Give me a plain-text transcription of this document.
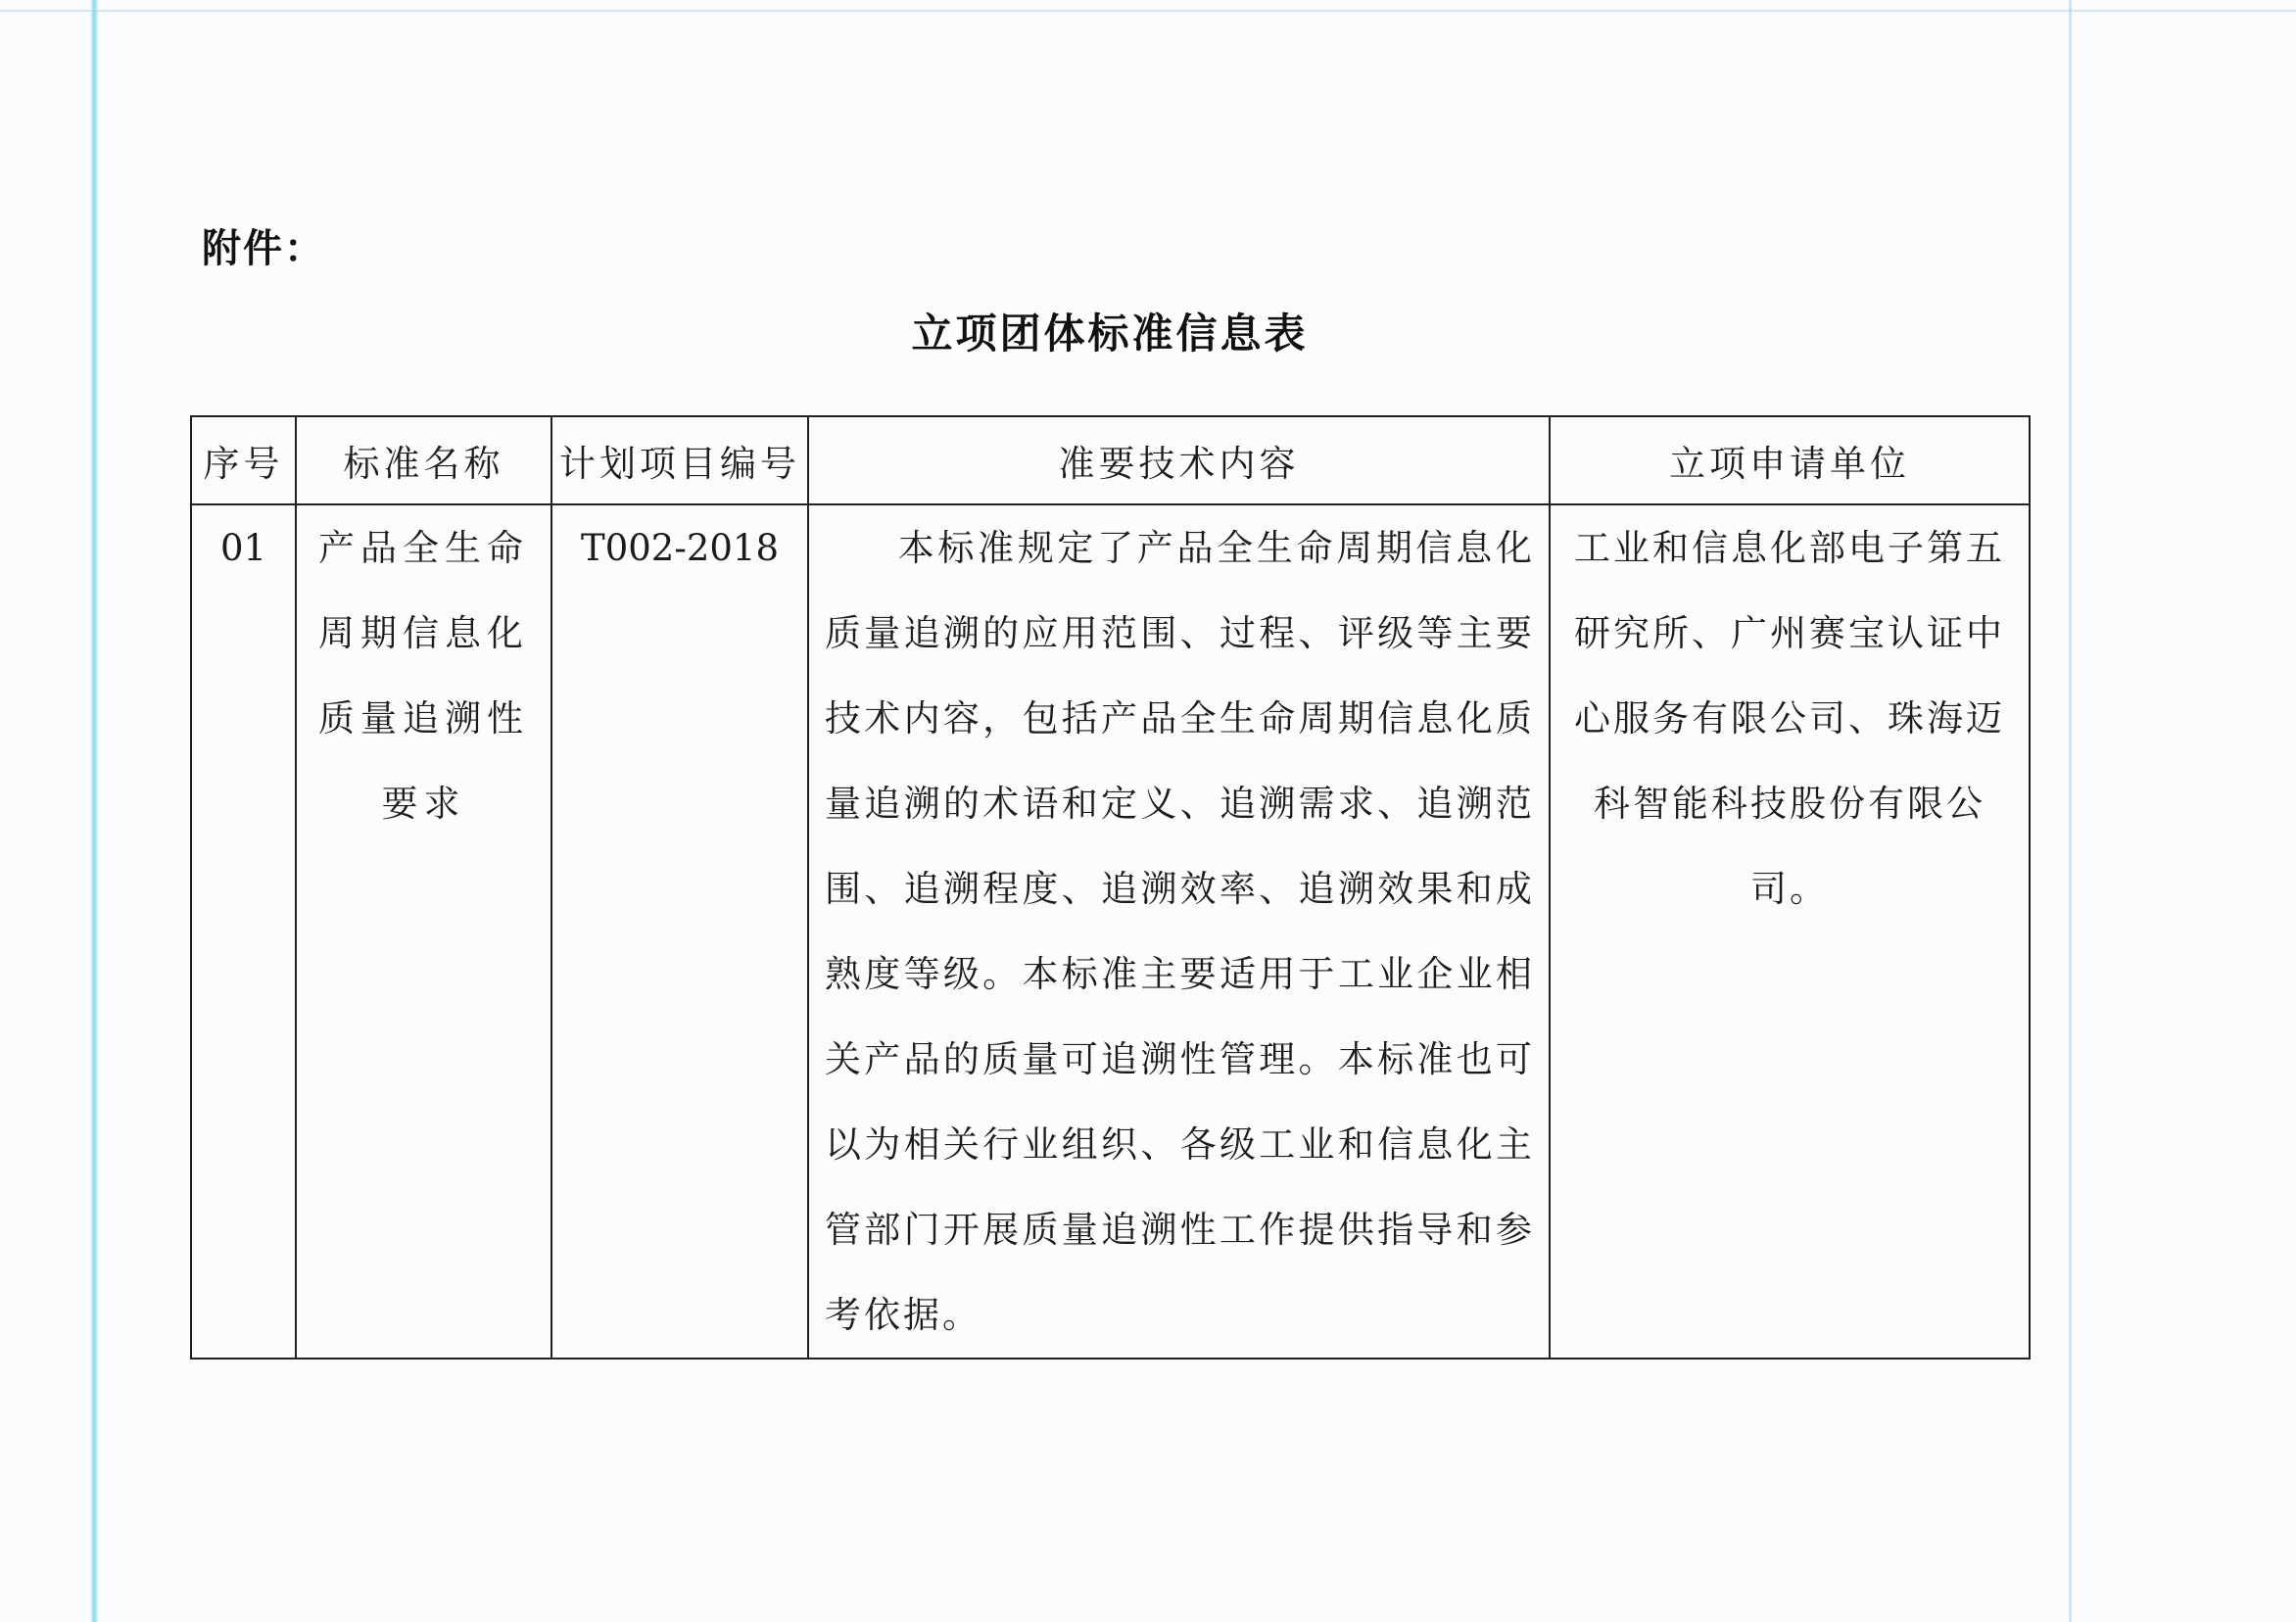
附件：
立项团体标准信息表
序号	标准名称	计划项目编号	准要技术内容	立项申请单位
01	产品全生命周期信息化质量追溯性要求	T002-2018	本标准规定了产品全生命周期信息化质量追溯的应用范围、过程、评级等主要技术内容，包括产品全生命周期信息化质量追溯的术语和定义、追溯需求、追溯范围、追溯程度、追溯效率、追溯效果和成熟度等级。本标准主要适用于工业企业相关产品的质量可追溯性管理。本标准也可以为相关行业组织、各级工业和信息化主管部门开展质量追溯性工作提供指导和参考依据。	工业和信息化部电子第五研究所、广州赛宝认证中心服务有限公司、珠海迈科智能科技股份有限公司。
